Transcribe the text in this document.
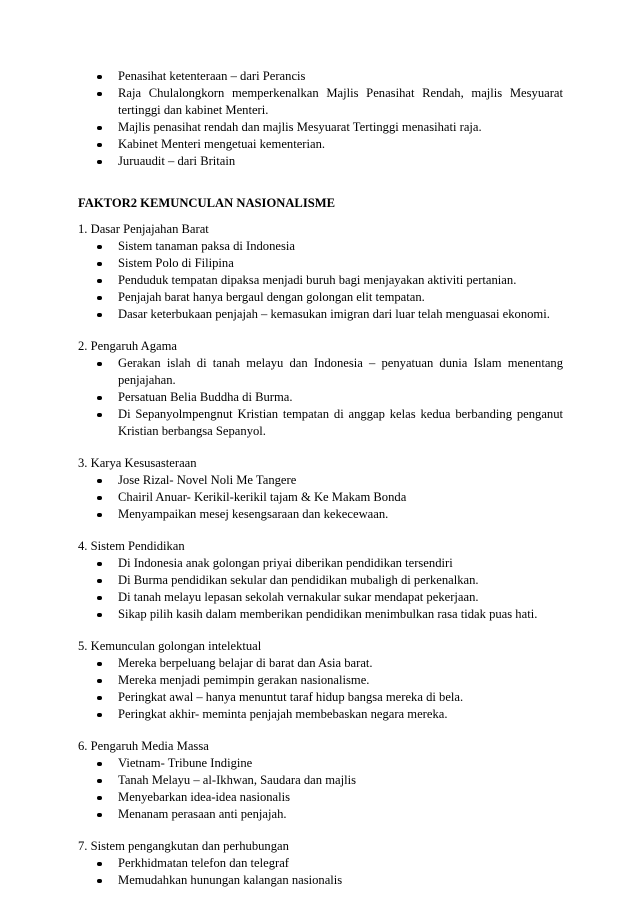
Penasihat ketenteraan – dari Perancis
Raja Chulalongkorn memperkenalkan Majlis Penasihat Rendah, majlis Mesyuarat tertinggi dan kabinet Menteri.
Majlis penasihat rendah dan majlis Mesyuarat Tertinggi menasihati raja.
Kabinet Menteri mengetuai kementerian.
Juruaudit – dari Britain
FAKTOR2 KEMUNCULAN NASIONALISME
1. Dasar Penjajahan Barat
Sistem tanaman paksa di Indonesia
Sistem Polo di Filipina
Penduduk tempatan dipaksa menjadi buruh bagi menjayakan aktiviti pertanian.
Penjajah barat hanya bergaul dengan golongan elit tempatan.
Dasar keterbukaan penjajah – kemasukan imigran dari luar telah menguasai ekonomi.
2. Pengaruh Agama
Gerakan islah di tanah melayu dan Indonesia – penyatuan dunia Islam menentang penjajahan.
Persatuan Belia Buddha di Burma.
Di Sepanyolmpengnut Kristian tempatan di anggap kelas kedua berbanding penganut Kristian berbangsa Sepanyol.
3. Karya Kesusasteraan
Jose Rizal- Novel Noli Me Tangere
Chairil Anuar- Kerikil-kerikil tajam & Ke Makam Bonda
Menyampaikan mesej kesengsaraan dan kekecewaan.
4. Sistem Pendidikan
Di Indonesia anak golongan priyai diberikan pendidikan tersendiri
Di Burma pendidikan sekular dan pendidikan mubaligh di perkenalkan.
Di tanah melayu lepasan sekolah vernakular sukar mendapat pekerjaan.
Sikap pilih kasih dalam memberikan pendidikan menimbulkan rasa tidak puas hati.
5. Kemunculan golongan intelektual
Mereka berpeluang belajar di barat dan Asia barat.
Mereka menjadi pemimpin gerakan nasionalisme.
Peringkat awal – hanya menuntut taraf hidup bangsa mereka di bela.
Peringkat akhir- meminta penjajah membebaskan negara mereka.
6. Pengaruh Media Massa
Vietnam- Tribune Indigine
Tanah Melayu – al-Ikhwan, Saudara dan majlis
Menyebarkan idea-idea nasionalis
Menanam perasaan anti penjajah.
7. Sistem pengangkutan dan perhubungan
Perkhidmatan telefon dan telegraf
Memudahkan hunungan kalangan nasionalis
